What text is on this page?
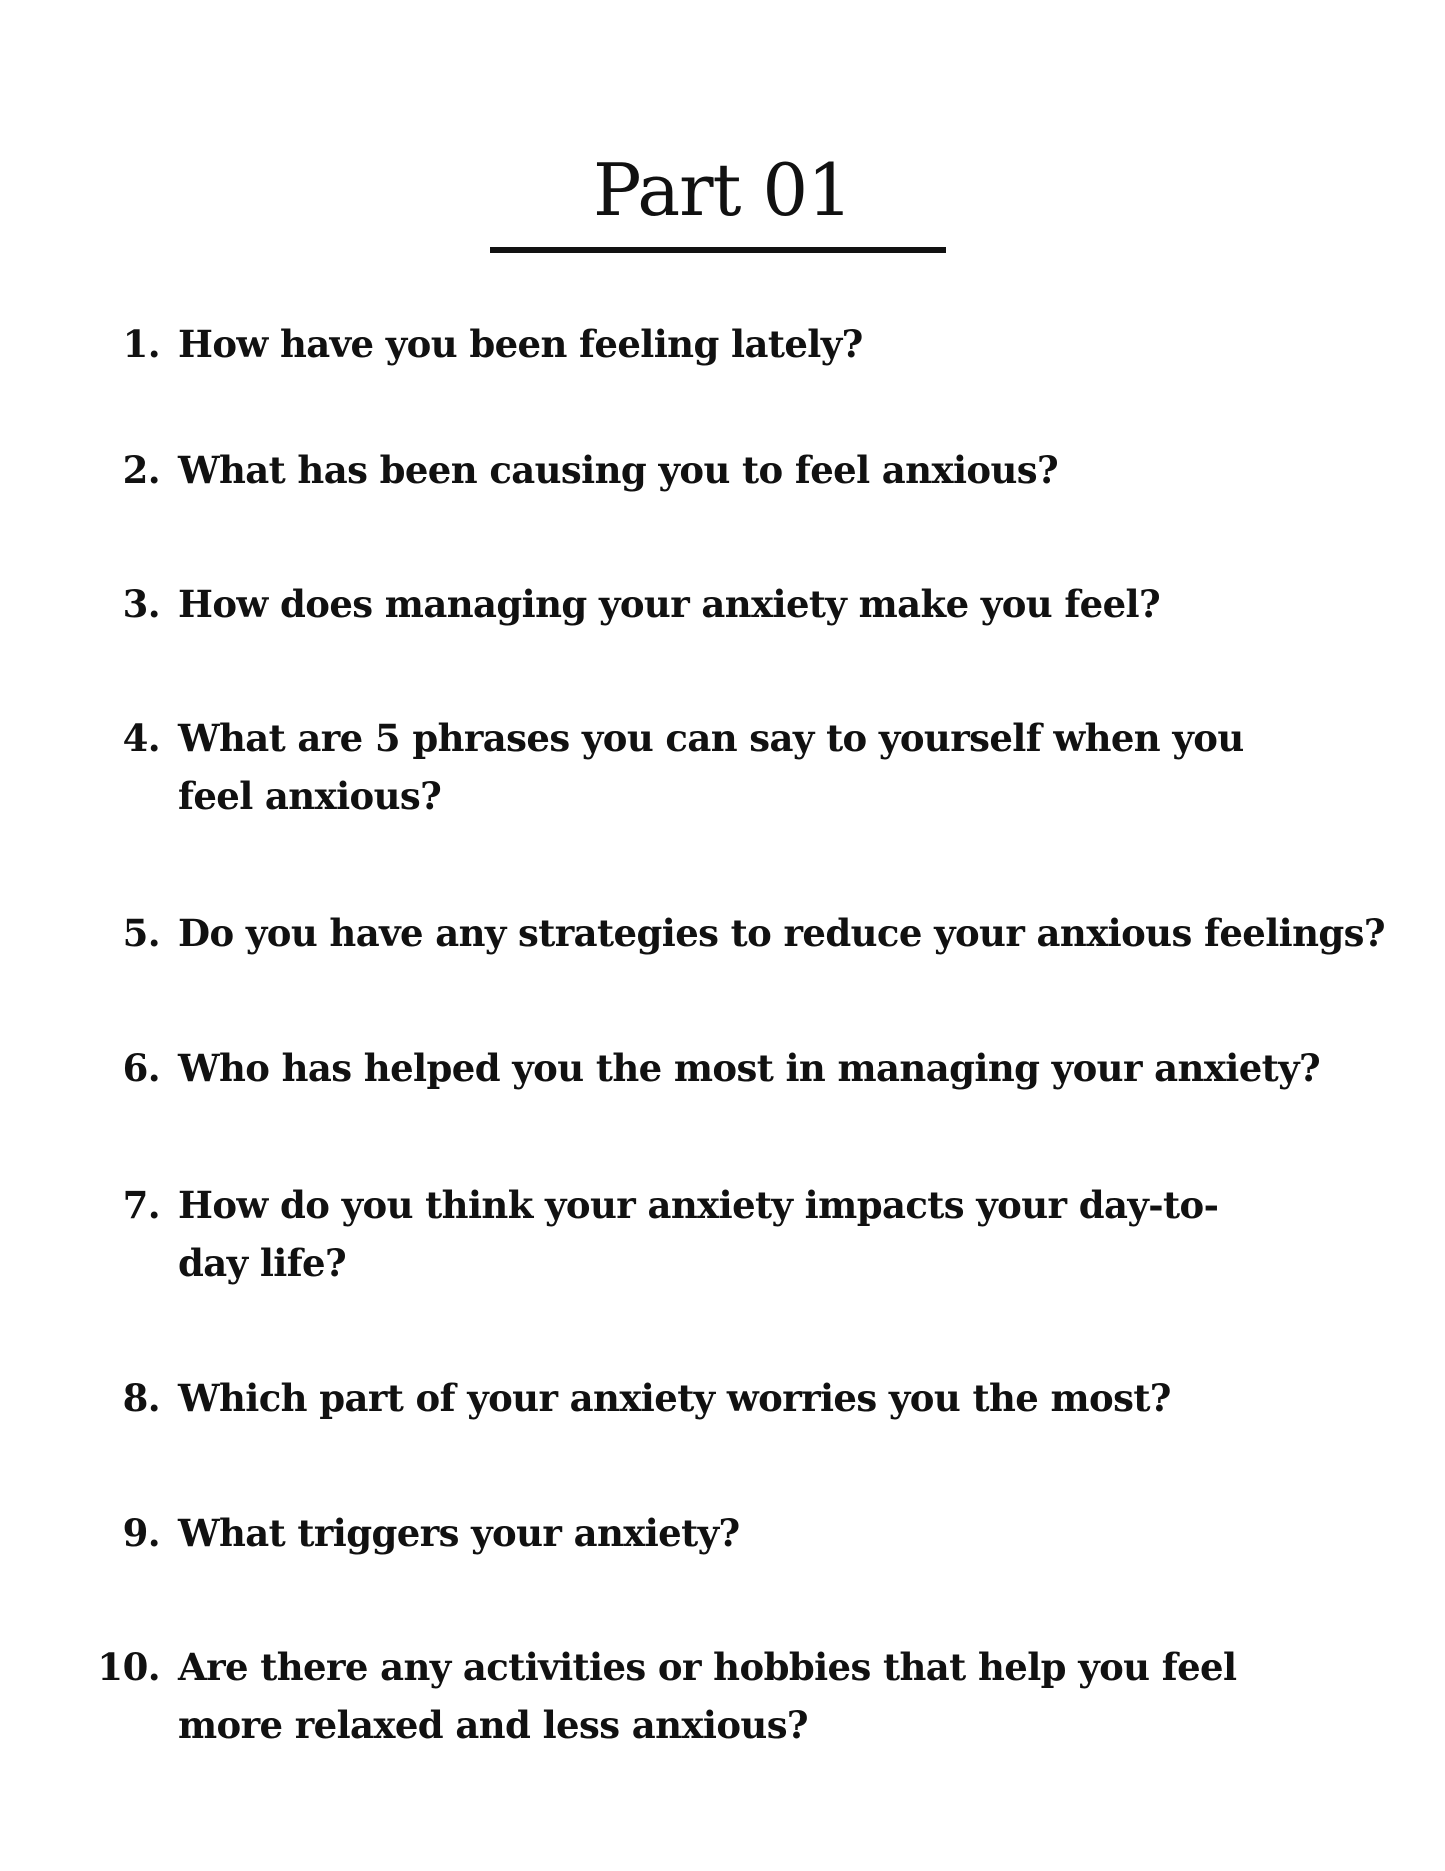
Part 01
1. How have you been feeling lately?
2. What has been causing you to feel anxious?
3. How does managing your anxiety make you feel?
4. What are 5 phrases you can say to yourself when you feel anxious?
5. Do you have any strategies to reduce your anxious feelings?
6. Who has helped you the most in managing your anxiety?
7. How do you think your anxiety impacts your day-to-day life?
8. Which part of your anxiety worries you the most?
9. What triggers your anxiety?
10. Are there any activities or hobbies that help you feel more relaxed and less anxious?
